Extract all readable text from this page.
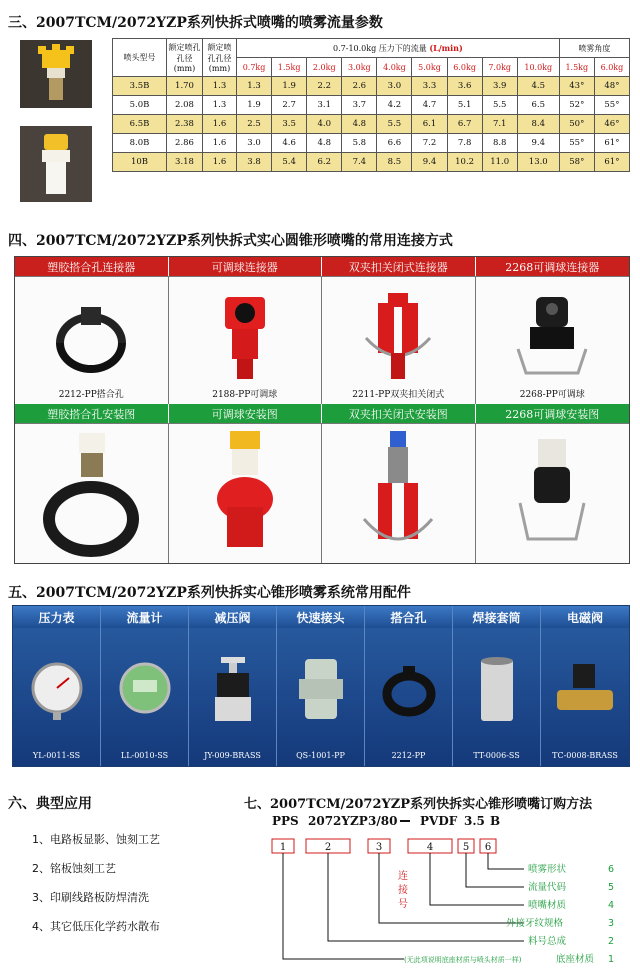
三、2007TCM/2072YZP系列快拆式喷嘴的喷雾流量参数
喷头型号	额定喷孔孔径
(mm)	额定喷孔孔径
(mm)	0.7-10.0kg 压力下的流量 (L/min)									喷雾角度	
			0.7kg	1.5kg	2.0kg	3.0kg	4.0kg	5.0kg	6.0kg	7.0kg	10.0kg	1.5kg	6.0kg
3.5B	1.70	1.3	1.3	1.9	2.2	2.6	3.0	3.3	3.6	3.9	4.5	43°	48°
5.0B	2.08	1.3	1.9	2.7	3.1	3.7	4.2	4.7	5.1	5.5	6.5	52°	55°
6.5B	2.38	1.6	2.5	3.5	4.0	4.8	5.5	6.1	6.7	7.1	8.4	50°	46°
8.0B	2.86	1.6	3.0	4.6	4.8	5.8	6.6	7.2	7.8	8.8	9.4	55°	61°
10B	3.18	1.6	3.8	5.4	6.2	7.4	8.5	9.4	10.2	11.0	13.0	58°	61°
四、2007TCM/2072YZP系列快拆式实心圆锥形喷嘴的常用连接方式
塑胶搭合孔连接器	可调球连接器	双夹扣关闭式连接器	2268可调球连接器
2212-PP搭合孔	2188-PP可调球	2211-PP双夹扣关闭式	2268-PP可调球
塑胶搭合孔安装图	可调球安装图	双夹扣关闭式安装图	2268可调球安装图
五、2007TCM/2072YZP系列快拆实心锥形喷雾系统常用配件
压力表
YL-0011-SS
流量计
LL-0010-SS
减压阀
JY-009-BRASS
快速接头
QS-1001-PP
搭合孔
2212-PP
焊接套筒
TT-0006-SS
电磁阀
TC-0008-BRASS
六、典型应用
1、电路板显影、蚀刻工艺
2、铭板蚀刻工艺
3、印刷线路板防焊清洗
4、其它低压化学药水散布
七、2007TCM/2072YZP系列快拆实心锥形喷嘴订购方法
PPS 2072YZP 3/80 PVDF 3.5 B
1	2	3	4	5 6
连
接
号
喷雾形状	6
流量代码	5
喷嘴材质	4
外接牙纹规格	3
料号总成	2
(无此项说明底座材质与喷头材质一样)	底座材质 1
